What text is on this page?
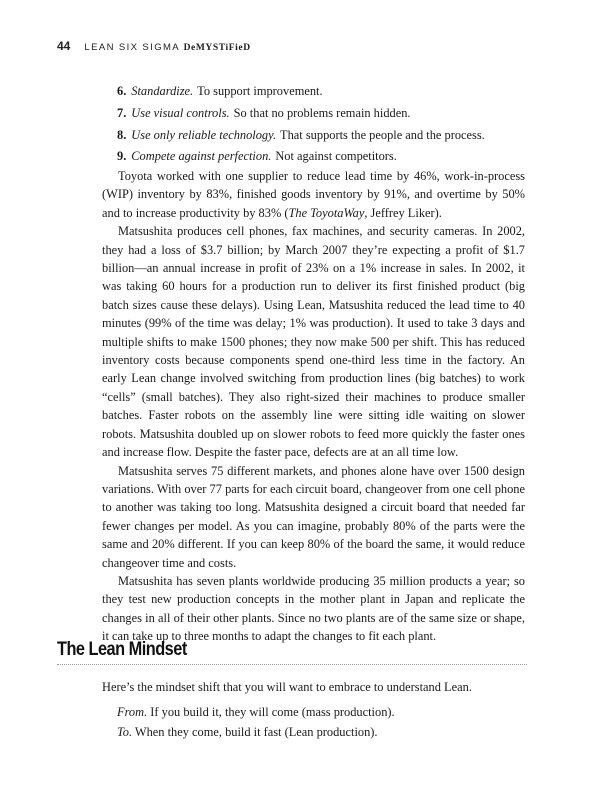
44 LEAN SIX SIGMA DeMYSTiFieD
6. Standardize. To support improvement.
7. Use visual controls. So that no problems remain hidden.
8. Use only reliable technology. That supports the people and the process.
9. Compete against perfection. Not against competitors.

Toyota worked with one supplier to reduce lead time by 46%, work-in-process (WIP) inventory by 83%, finished goods inventory by 91%, and overtime by 50% and to increase productivity by 83% (The ToyotaWay, Jeffrey Liker).

Matsushita produces cell phones, fax machines, and security cameras. In 2002, they had a loss of $3.7 billion; by March 2007 they’re expecting a profit of $1.7 billion—an annual increase in profit of 23% on a 1% increase in sales. In 2002, it was taking 60 hours for a production run to deliver its first finished product (big batch sizes cause these delays). Using Lean, Matsushita reduced the lead time to 40 minutes (99% of the time was delay; 1% was production). It used to take 3 days and multiple shifts to make 1500 phones; they now make 500 per shift. This has reduced inventory costs because components spend one-third less time in the factory. An early Lean change involved switching from production lines (big batches) to work “cells” (small batches). They also right-sized their machines to produce smaller batches. Faster robots on the assembly line were sitting idle waiting on slower robots. Matsushita doubled up on slower robots to feed more quickly the faster ones and increase flow. Despite the faster pace, defects are at an all time low.

Matsushita serves 75 different markets, and phones alone have over 1500 design variations. With over 77 parts for each circuit board, changeover from one cell phone to another was taking too long. Matsushita designed a circuit board that needed far fewer changes per model. As you can imagine, probably 80% of the parts were the same and 20% different. If you can keep 80% of the board the same, it would reduce changeover time and costs.

Matsushita has seven plants worldwide producing 35 million products a year; so they test new production concepts in the mother plant in Japan and replicate the changes in all of their other plants. Since no two plants are of the same size or shape, it can take up to three months to adapt the changes to fit each plant.

The Lean Mindset

Here’s the mindset shift that you will want to embrace to understand Lean.

From. If you build it, they will come (mass production).

To. When they come, build it fast (Lean production).
